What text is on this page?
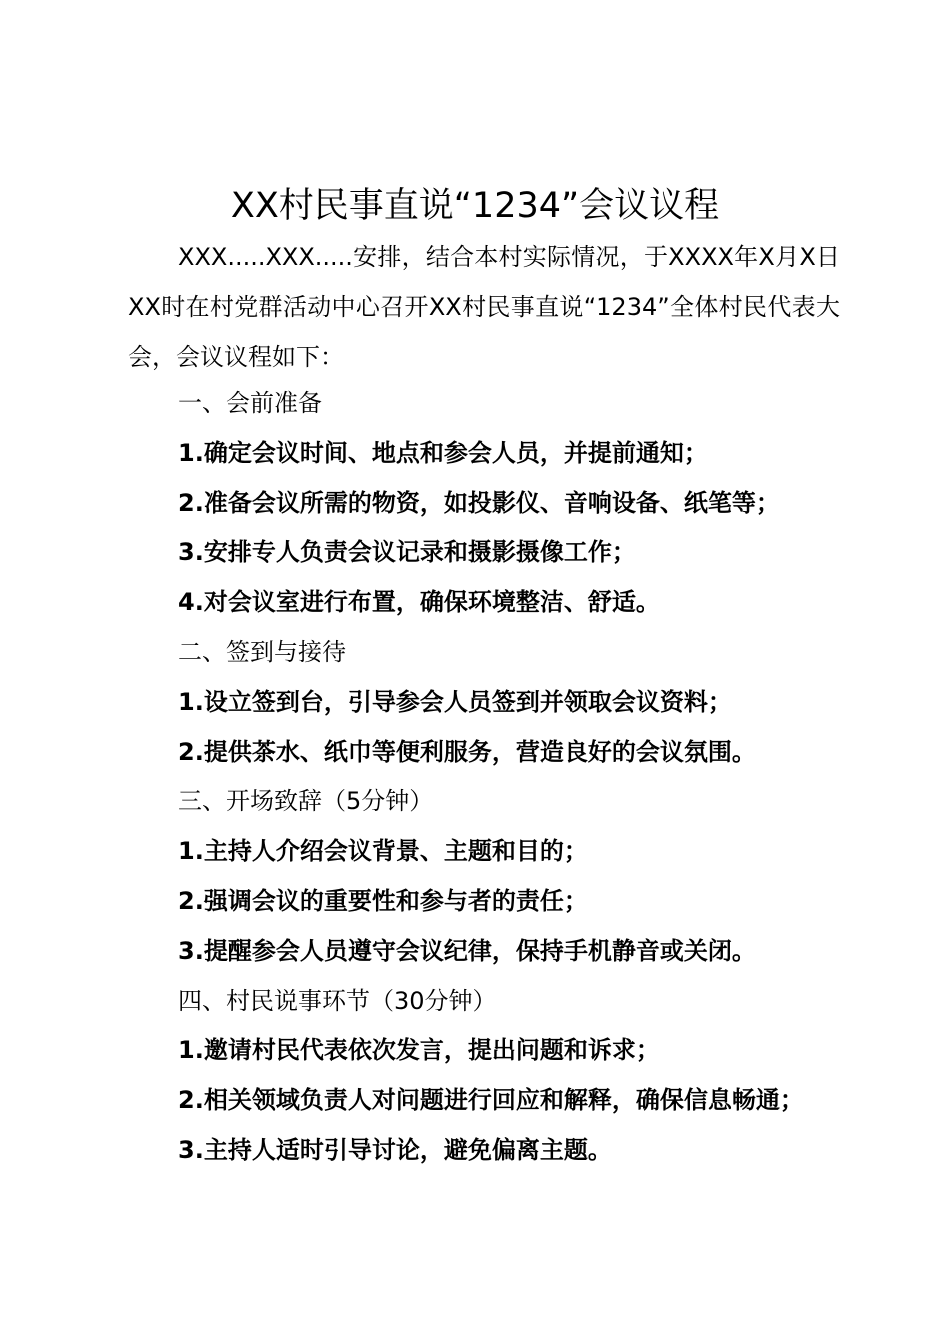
XX村民事直说“1234”会议议程

XXX.....XXX.....安排，结合本村实际情况，于XXXX年X月X日XX时在村党群活动中心召开XX村民事直说“1234”全体村民代表大会，会议议程如下：

一、会前准备
1.确定会议时间、地点和参会人员，并提前通知；
2.准备会议所需的物资，如投影仪、音响设备、纸笔等；
3.安排专人负责会议记录和摄影摄像工作；
4.对会议室进行布置，确保环境整洁、舒适。
二、签到与接待
1.设立签到台，引导参会人员签到并领取会议资料；
2.提供茶水、纸巾等便利服务，营造良好的会议氛围。
三、开场致辞（5分钟）
1.主持人介绍会议背景、主题和目的；
2.强调会议的重要性和参与者的责任；
3.提醒参会人员遵守会议纪律，保持手机静音或关闭。
四、村民说事环节（30分钟）
1.邀请村民代表依次发言，提出问题和诉求；
2.相关领域负责人对问题进行回应和解释，确保信息畅通；
3.主持人适时引导讨论，避免偏离主题。
